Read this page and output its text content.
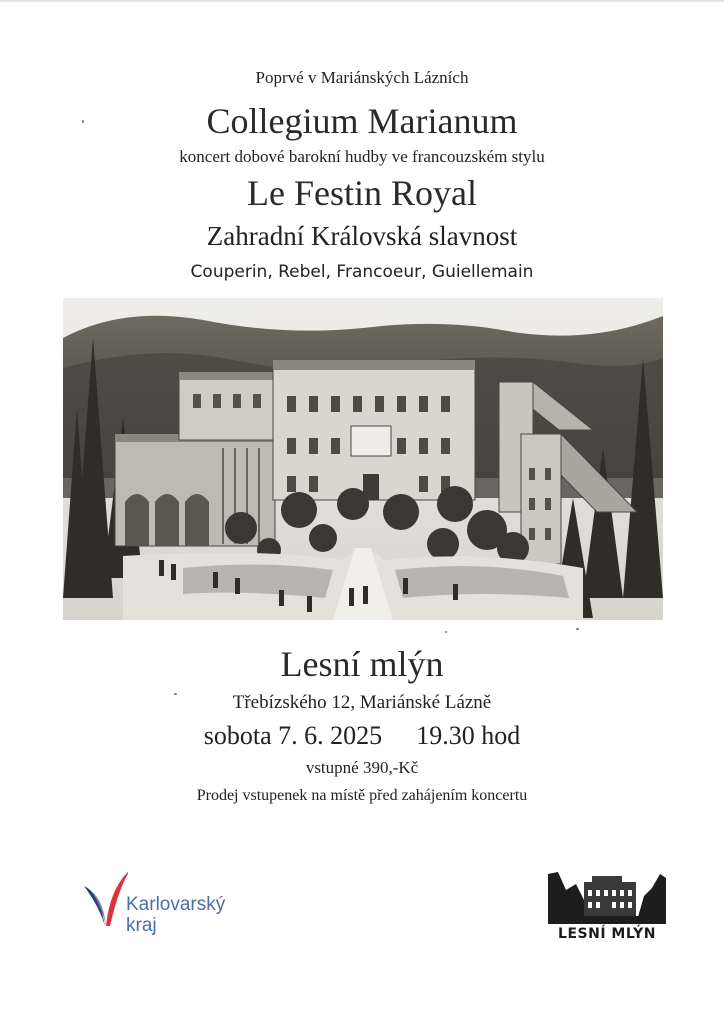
Poprvé v Mariánských Lázních
Collegium Marianum
koncert dobové barokní hudby ve francouzském stylu
Le Festin Royal
Zahradní Královská slavnost
Couperin, Rebel, Francoeur, Guiellemain
Lesní mlýn
Třebízského 12, Mariánské Lázně
sobota 7. 6. 2025 19.30 hod
vstupné 390,-Kč
Prodej vstupenek na místě před zahájením koncertu
Karlovarský
kraj	LESNÍ MLÝN
